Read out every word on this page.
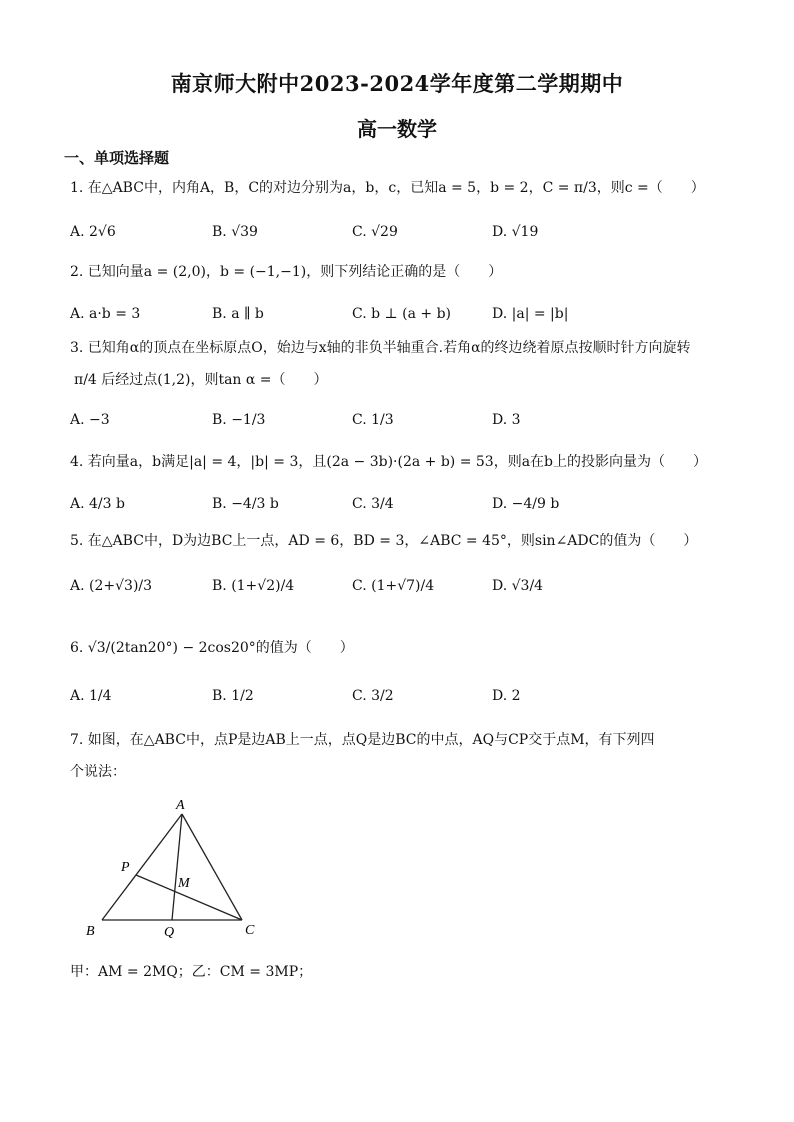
南京师大附中2023-2024学年度第二学期期中
高一数学
一、单项选择题
1. 在△ABC中，内角A，B，C的对边分别为a，b，c，已知a = 5，b = 2，C = π/3，则c =（　　）
A. 2√6	B. √39	C. √29	D. √19
2. 已知向量a = (2,0)，b = (−1,−1)，则下列结论正确的是（　　）
A. a·b = 3	B. a ∥ b	C. b ⊥ (a + b)	D. |a| = |b|
3. 已知角α的顶点在坐标原点O，始边与x轴的非负半轴重合.若角α的终边绕着原点按顺时针方向旋转
π/4 后经过点(1,2)，则tan α =（　　）
A. −3	B. −1/3	C. 1/3	D. 3
4. 若向量a，b满足|a| = 4，|b| = 3，且(2a − 3b)·(2a + b) = 53，则a在b上的投影向量为（　　）
A. 4/3 b	B. −4/3 b	C. 3/4	D. −4/9 b
5. 在△ABC中，D为边BC上一点，AD = 6，BD = 3，∠ABC = 45°，则sin∠ADC的值为（　　）
A. (2+√3)/3	B. (1+√2)/4	C. (1+√7)/4	D. √3/4
6. √3/(2tan20°) − 2cos20°的值为（　　）
A. 1/4	B. 1/2	C. 3/2	D. 2
7. 如图，在△ABC中，点P是边AB上一点，点Q是边BC的中点，AQ与CP交于点M，有下列四
个说法：
A
B	C
P
Q
M
甲：AM = 2MQ；乙：CM = 3MP；
